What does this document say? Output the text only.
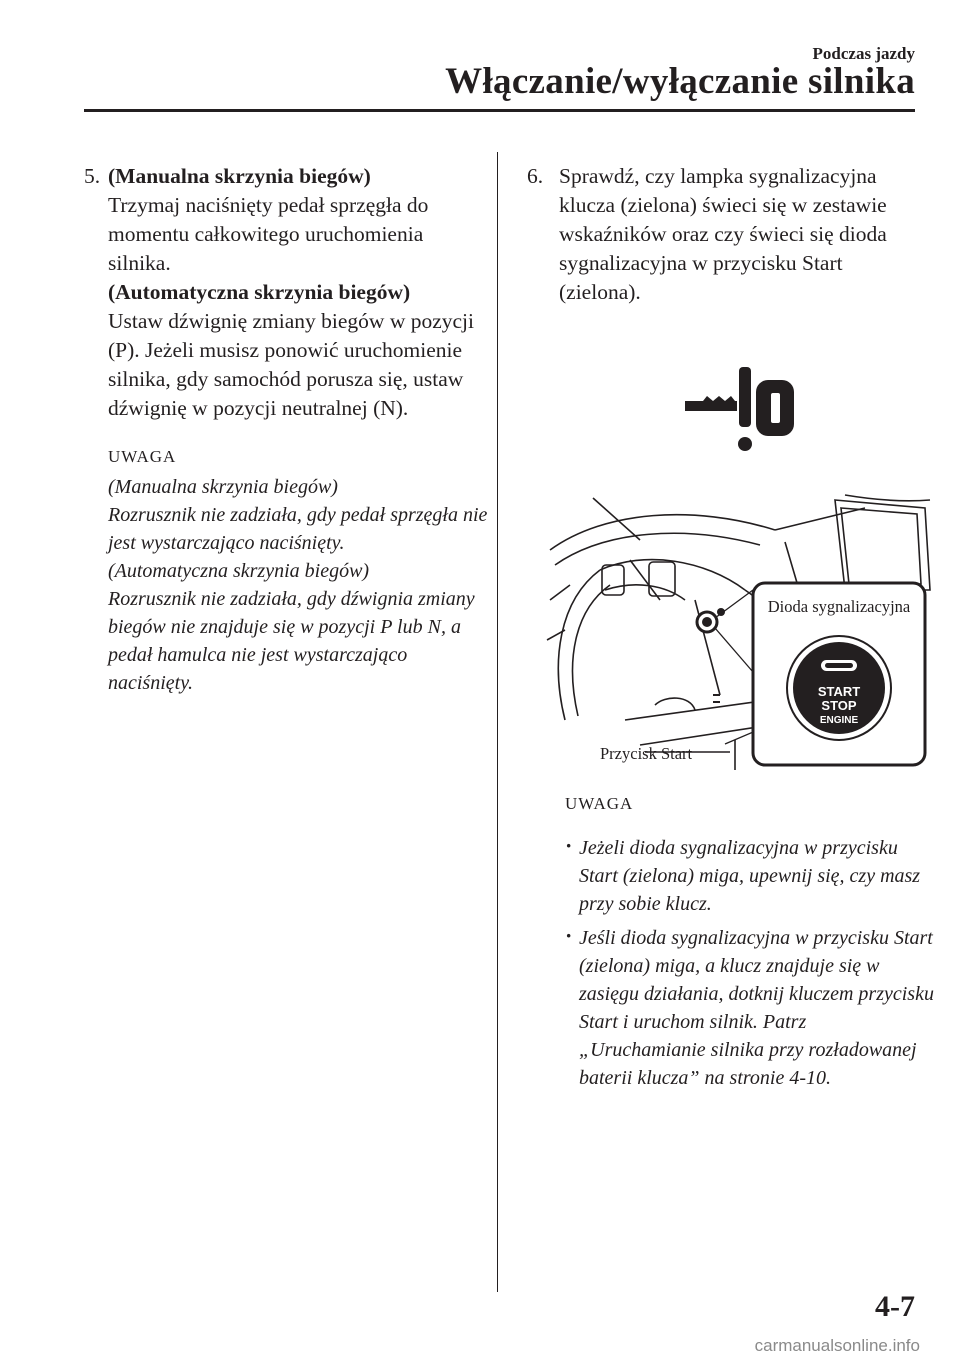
Podczas jazdy
Włączanie/wyłączanie silnika
5. (Manualna skrzynia biegów)
Trzymaj naciśnięty pedał sprzęgła do momentu całkowitego uruchomienia silnika.
(Automatyczna skrzynia biegów)
Ustaw dźwignię zmiany biegów w pozycji (P). Jeżeli musisz ponowić uruchomienie silnika, gdy samochód porusza się, ustaw dźwignię w pozycji neutralnej (N).
UWAGA
(Manualna skrzynia biegów)
Rozrusznik nie zadziała, gdy pedał sprzęgła nie jest wystarczająco naciśnięty.
(Automatyczna skrzynia biegów)
Rozrusznik nie zadziała, gdy dźwignia zmiany biegów nie znajduje się w pozycji P lub N, a pedał hamulca nie jest wystarczająco naciśnięty.
6. Sprawdź, czy lampka sygnalizacyjna klucza (zielona) świeci się w zestawie wskaźników oraz czy świeci się dioda sygnalizacyjna w przycisku Start (zielona).
START
STOP
ENGINE
Dioda sygnalizacyjna
Przycisk Start
UWAGA
· Jeżeli dioda sygnalizacyjna w przycisku Start (zielona) miga, upewnij się, czy masz przy sobie klucz.
· Jeśli dioda sygnalizacyjna w przycisku Start (zielona) miga, a klucz znajduje się w zasięgu działania, dotknij kluczem przycisku Start i uruchom silnik. Patrz „Uruchamianie silnika przy rozładowanej baterii klucza” na stronie 4-10.
4-7
carmanualsonline.info
